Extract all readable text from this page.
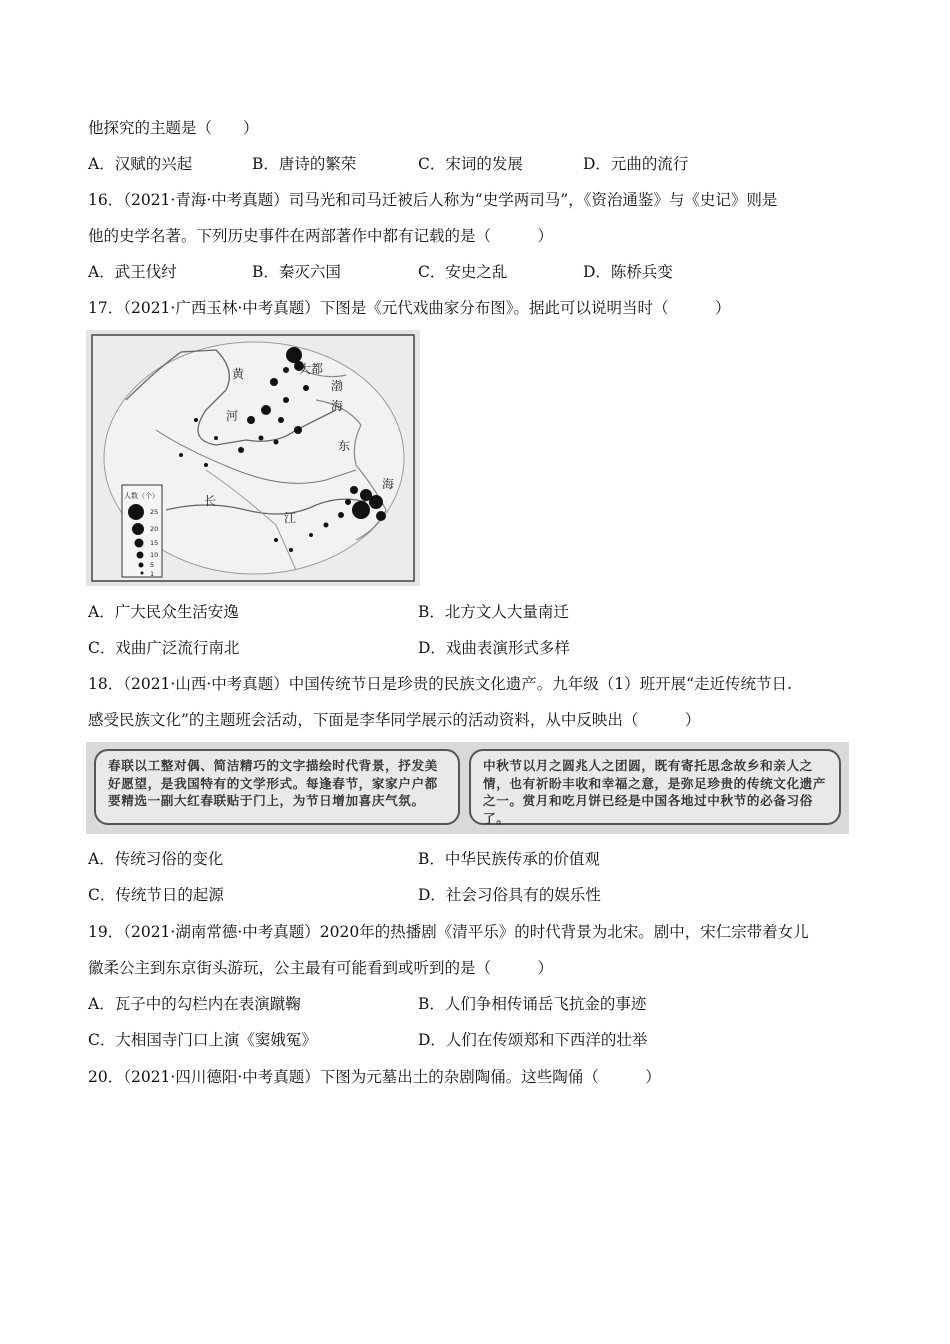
他探究的主题是（　　）
A．汉赋的兴起	B．唐诗的繁荣	C．宋词的发展	D．元曲的流行
16．（2021·青海·中考真题）司马光和司马迁被后人称为“史学两司马”，《资治通鉴》与《史记》则是
他的史学名著。下列历史事件在两部著作中都有记载的是（　　　）
A．武王伐纣	B．秦灭六国	C．安史之乱	D．陈桥兵变
17．（2021·广西玉林·中考真题）下图是《元代戏曲家分布图》。据此可以说明当时（　　　）
大都
渤
海
黄
河
东
海
长
江
人数（个）
25
20
15
10
5
1
A．广大民众生活安逸	B．北方文人大量南迁
C．戏曲广泛流行南北	D．戏曲表演形式多样
18．（2021·山西·中考真题）中国传统节日是珍贵的民族文化遗产。九年级（1）班开展“走近传统节日.
感受民族文化”的主题班会活动，下面是李华同学展示的活动资料，从中反映出（　　　）
春联以工整对偶、简洁精巧的文字描绘时代背景，抒发美好愿望，是我国特有的文学形式。每逢春节，家家户户都要精选一副大红春联贴于门上，为节日增加喜庆气氛。
中秋节以月之圆兆人之团圆，既有寄托思念故乡和亲人之情，也有祈盼丰收和幸福之意，是弥足珍贵的传统文化遗产之一。赏月和吃月饼已经是中国各地过中秋节的必备习俗了。
A．传统习俗的变化	B．中华民族传承的价值观
C．传统节日的起源	D．社会习俗具有的娱乐性
19．（2021·湖南常德·中考真题）2020年的热播剧《清平乐》的时代背景为北宋。剧中，宋仁宗带着女儿
徽柔公主到东京街头游玩，公主最有可能看到或听到的是（　　　）
A．瓦子中的勾栏内在表演蹴鞠	B．人们争相传诵岳飞抗金的事迹
C．大相国寺门口上演《窦娥冤》	D．人们在传颂郑和下西洋的壮举
20．（2021·四川德阳·中考真题）下图为元墓出土的杂剧陶俑。这些陶俑（　　　）
